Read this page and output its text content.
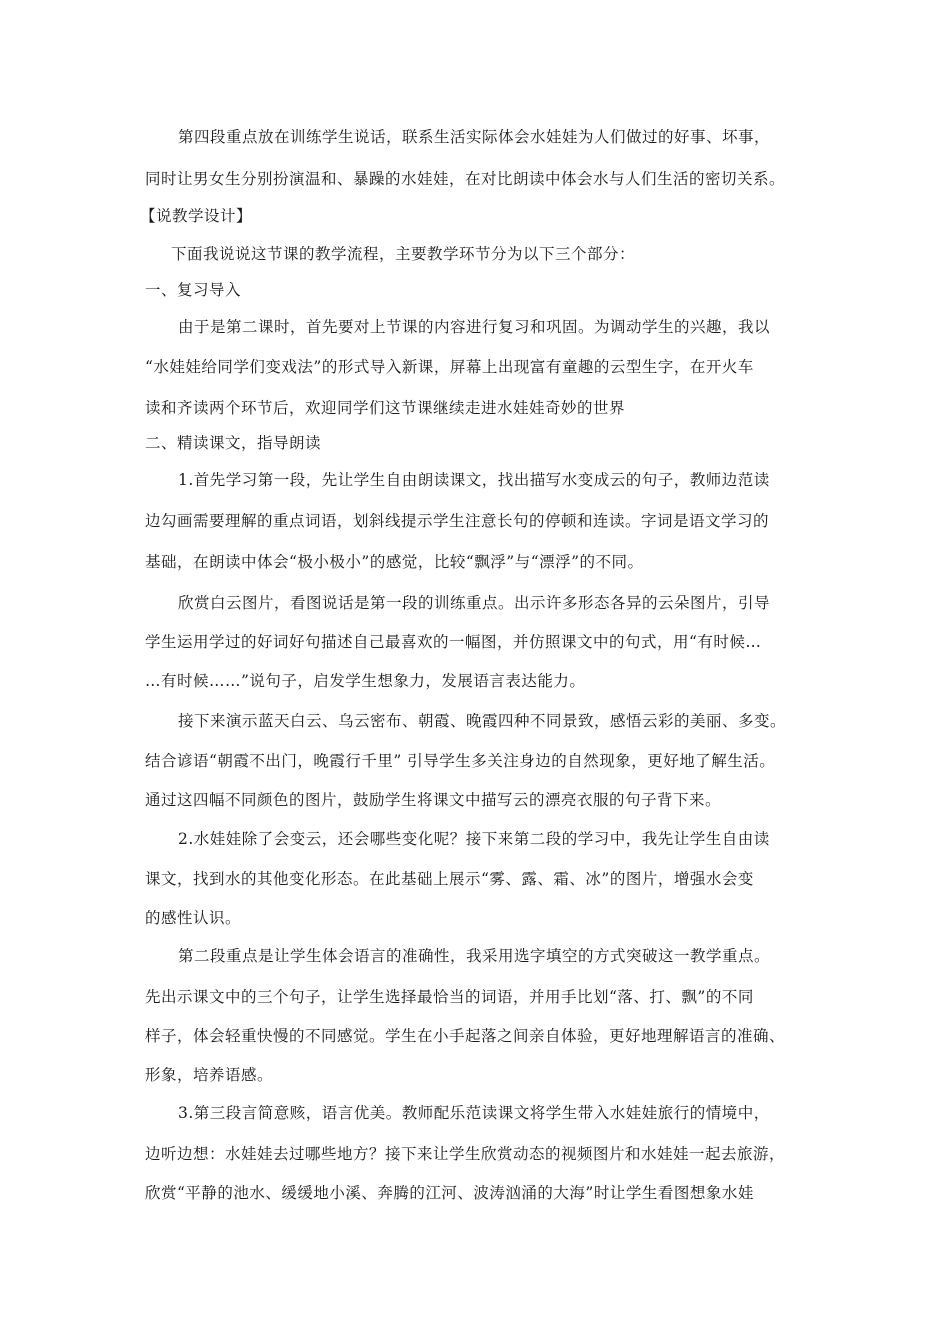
第四段重点放在训练学生说话，联系生活实际体会水娃娃为人们做过的好事、坏事，
同时让男女生分别扮演温和、暴躁的水娃娃，在对比朗读中体会水与人们生活的密切关系。
【说教学设计】
下面我说说这节课的教学流程，主要教学环节分为以下三个部分：
一、复习导入
由于是第二课时，首先要对上节课的内容进行复习和巩固。为调动学生的兴趣，我以
“水娃娃给同学们变戏法”的形式导入新课，屏幕上出现富有童趣的云型生字，在开火车
读和齐读两个环节后，欢迎同学们这节课继续走进水娃娃奇妙的世界
二、精读课文，指导朗读
1.首先学习第一段，先让学生自由朗读课文，找出描写水变成云的句子，教师边范读
边勾画需要理解的重点词语，划斜线提示学生注意长句的停顿和连读。字词是语文学习的
基础，在朗读中体会“极小极小”的感觉，比较“飘浮”与“漂浮”的不同。
欣赏白云图片，看图说话是第一段的训练重点。出示许多形态各异的云朵图片，引导
学生运用学过的好词好句描述自己最喜欢的一幅图，并仿照课文中的句式，用“有时候…
…有时候……”说句子，启发学生想象力，发展语言表达能力。
接下来演示蓝天白云、乌云密布、朝霞、晚霞四种不同景致，感悟云彩的美丽、多变。
结合谚语“朝霞不出门，晚霞行千里” 引导学生多关注身边的自然现象，更好地了解生活。
通过这四幅不同颜色的图片，鼓励学生将课文中描写云的漂亮衣服的句子背下来。
2.水娃娃除了会变云，还会哪些变化呢？接下来第二段的学习中，我先让学生自由读
课文，找到水的其他变化形态。在此基础上展示“雾、露、霜、冰”的图片，增强水会变
的感性认识。
第二段重点是让学生体会语言的准确性，我采用选字填空的方式突破这一教学重点。
先出示课文中的三个句子，让学生选择最恰当的词语，并用手比划“落、打、飘”的不同
样子，体会轻重快慢的不同感觉。学生在小手起落之间亲自体验，更好地理解语言的准确、
形象，培养语感。
3.第三段言简意赅，语言优美。教师配乐范读课文将学生带入水娃娃旅行的情境中，
边听边想：水娃娃去过哪些地方？接下来让学生欣赏动态的视频图片和水娃娃一起去旅游，
欣赏“平静的池水、缓缓地小溪、奔腾的江河、波涛汹涌的大海”时让学生看图想象水娃
